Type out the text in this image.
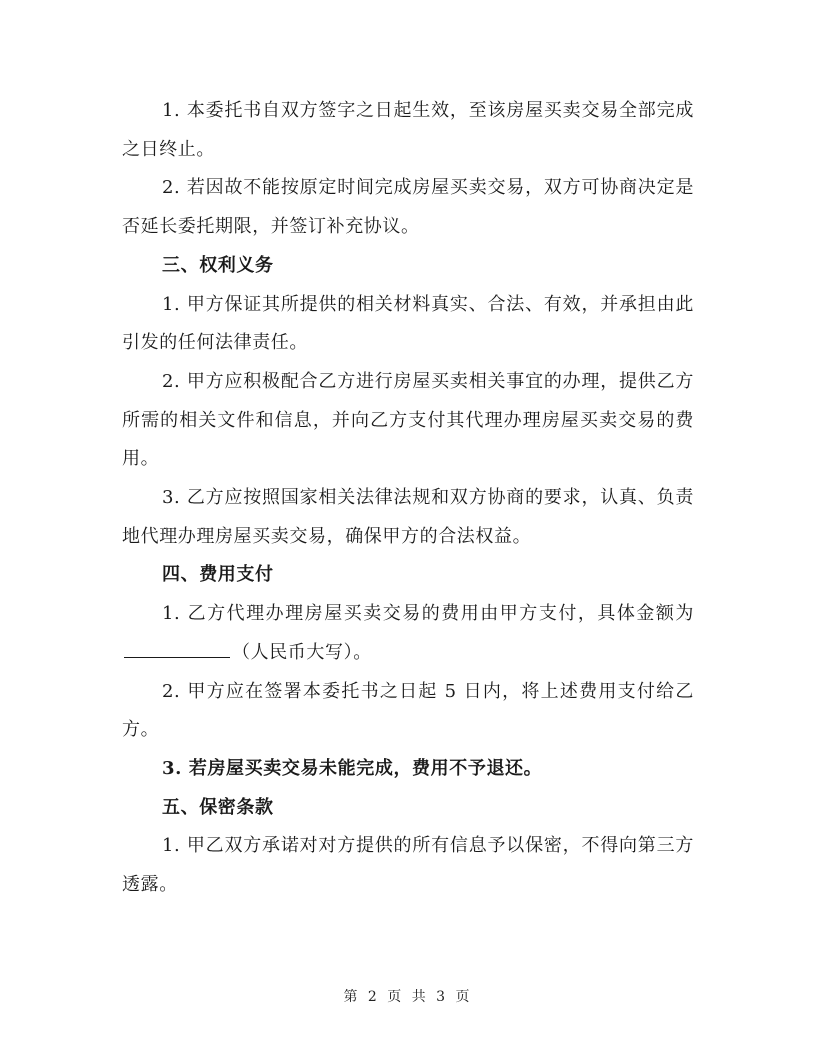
1. 本委托书自双方签字之日起生效，至该房屋买卖交易全部完成之日终止。

2. 若因故不能按原定时间完成房屋买卖交易，双方可协商决定是否延长委托期限，并签订补充协议。

三、权利义务

1. 甲方保证其所提供的相关材料真实、合法、有效，并承担由此引发的任何法律责任。

2. 甲方应积极配合乙方进行房屋买卖相关事宜的办理，提供乙方所需的相关文件和信息，并向乙方支付其代理办理房屋买卖交易的费用。

3. 乙方应按照国家相关法律法规和双方协商的要求，认真、负责地代理办理房屋买卖交易，确保甲方的合法权益。

四、费用支付

1. 乙方代理办理房屋买卖交易的费用由甲方支付，具体金额为（人民币大写）。

2. 甲方应在签署本委托书之日起 5 日内，将上述费用支付给乙方。

3. 若房屋买卖交易未能完成，费用不予退还。

五、保密条款

1. 甲乙双方承诺对对方提供的所有信息予以保密，不得向第三方透露。

第 2 页 共 3 页
